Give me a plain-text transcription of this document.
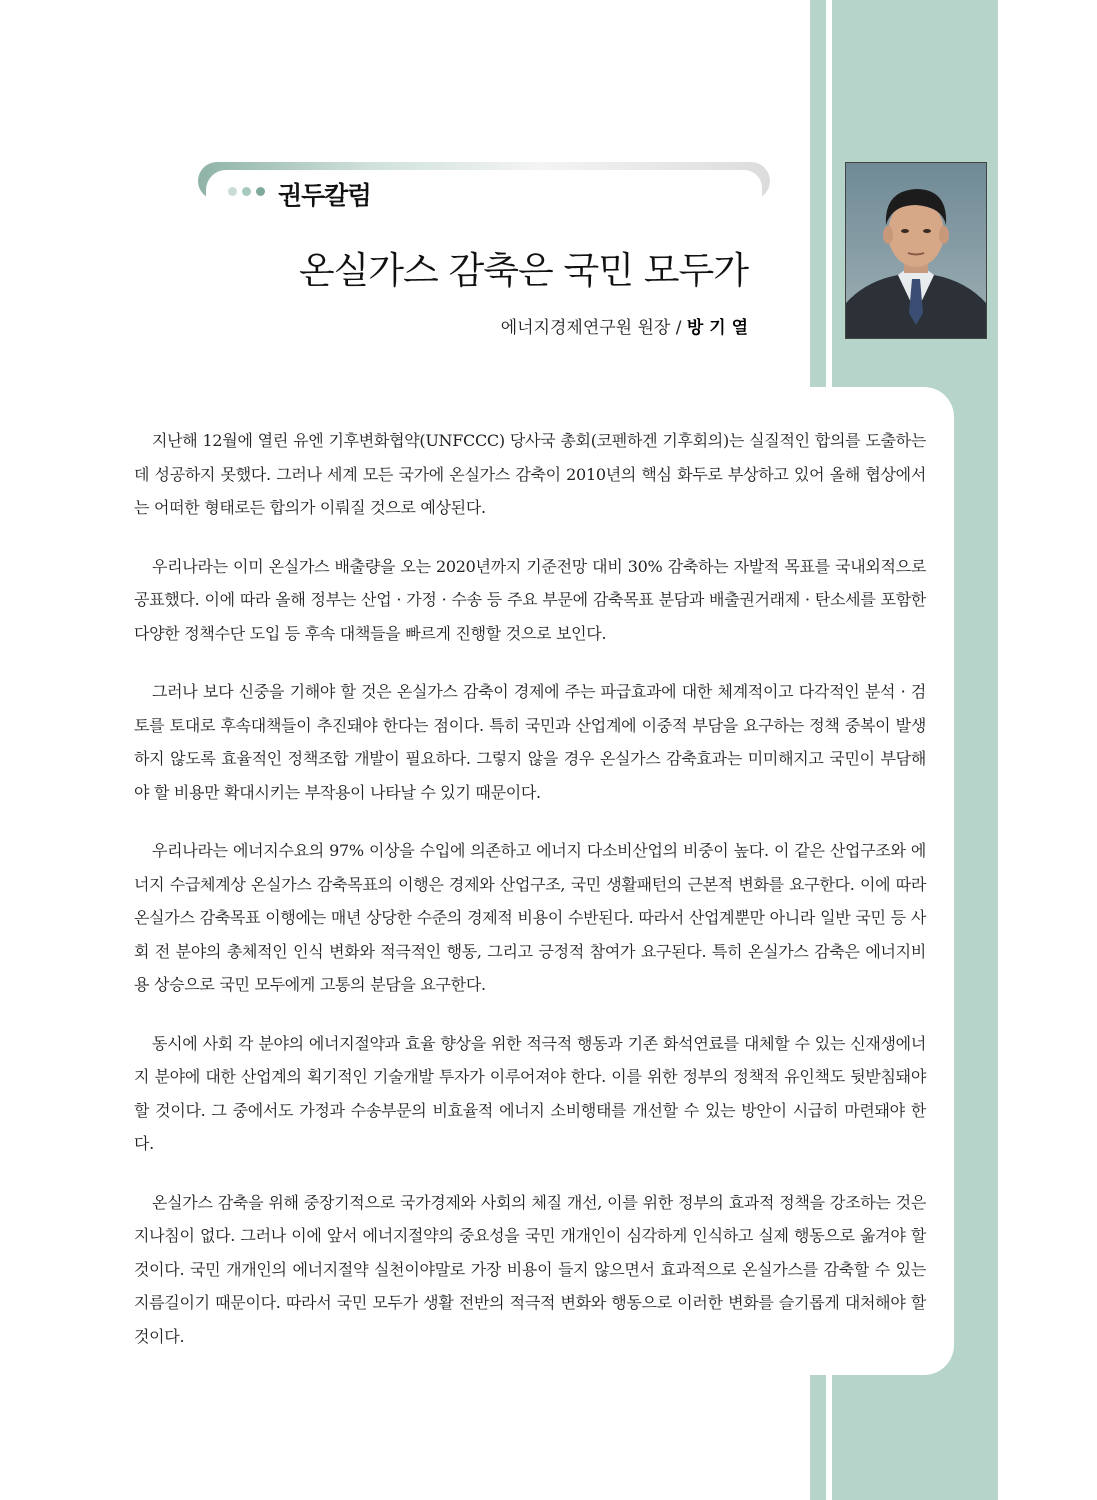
권두칼럼
온실가스 감축은 국민 모두가
에너지경제연구원 원장 / 방 기 열

지난해 12월에 열린 유엔 기후변화협약(UNFCCC) 당사국 총회(코펜하겐 기후회의)는 실질적인 합의를 도출하는 데 성공하지 못했다. 그러나 세계 모든 국가에 온실가스 감축이 2010년의 핵심 화두로 부상하고 있어 올해 협상에서는 어떠한 형태로든 합의가 이뤄질 것으로 예상된다.

우리나라는 이미 온실가스 배출량을 오는 2020년까지 기준전망 대비 30% 감축하는 자발적 목표를 국내외적으로 공표했다. 이에 따라 올해 정부는 산업 · 가정 · 수송 등 주요 부문에 감축목표 분담과 배출권거래제 · 탄소세를 포함한 다양한 정책수단 도입 등 후속 대책들을 빠르게 진행할 것으로 보인다.

그러나 보다 신중을 기해야 할 것은 온실가스 감축이 경제에 주는 파급효과에 대한 체계적이고 다각적인 분석 · 검토를 토대로 후속대책들이 추진돼야 한다는 점이다. 특히 국민과 산업계에 이중적 부담을 요구하는 정책 중복이 발생하지 않도록 효율적인 정책조합 개발이 필요하다. 그렇지 않을 경우 온실가스 감축효과는 미미해지고 국민이 부담해야 할 비용만 확대시키는 부작용이 나타날 수 있기 때문이다.

우리나라는 에너지수요의 97% 이상을 수입에 의존하고 에너지 다소비산업의 비중이 높다. 이 같은 산업구조와 에너지 수급체계상 온실가스 감축목표의 이행은 경제와 산업구조, 국민 생활패턴의 근본적 변화를 요구한다. 이에 따라 온실가스 감축목표 이행에는 매년 상당한 수준의 경제적 비용이 수반된다. 따라서 산업계뿐만 아니라 일반 국민 등 사회 전 분야의 총체적인 인식 변화와 적극적인 행동, 그리고 긍정적 참여가 요구된다. 특히 온실가스 감축은 에너지비용 상승으로 국민 모두에게 고통의 분담을 요구한다.

동시에 사회 각 분야의 에너지절약과 효율 향상을 위한 적극적 행동과 기존 화석연료를 대체할 수 있는 신재생에너지 분야에 대한 산업계의 획기적인 기술개발 투자가 이루어져야 한다. 이를 위한 정부의 정책적 유인책도 뒷받침돼야 할 것이다. 그 중에서도 가정과 수송부문의 비효율적 에너지 소비행태를 개선할 수 있는 방안이 시급히 마련돼야 한다.

온실가스 감축을 위해 중장기적으로 국가경제와 사회의 체질 개선, 이를 위한 정부의 효과적 정책을 강조하는 것은 지나침이 없다. 그러나 이에 앞서 에너지절약의 중요성을 국민 개개인이 심각하게 인식하고 실제 행동으로 옮겨야 할 것이다. 국민 개개인의 에너지절약 실천이야말로 가장 비용이 들지 않으면서 효과적으로 온실가스를 감축할 수 있는 지름길이기 때문이다. 따라서 국민 모두가 생활 전반의 적극적 변화와 행동으로 이러한 변화를 슬기롭게 대처해야 할 것이다.
